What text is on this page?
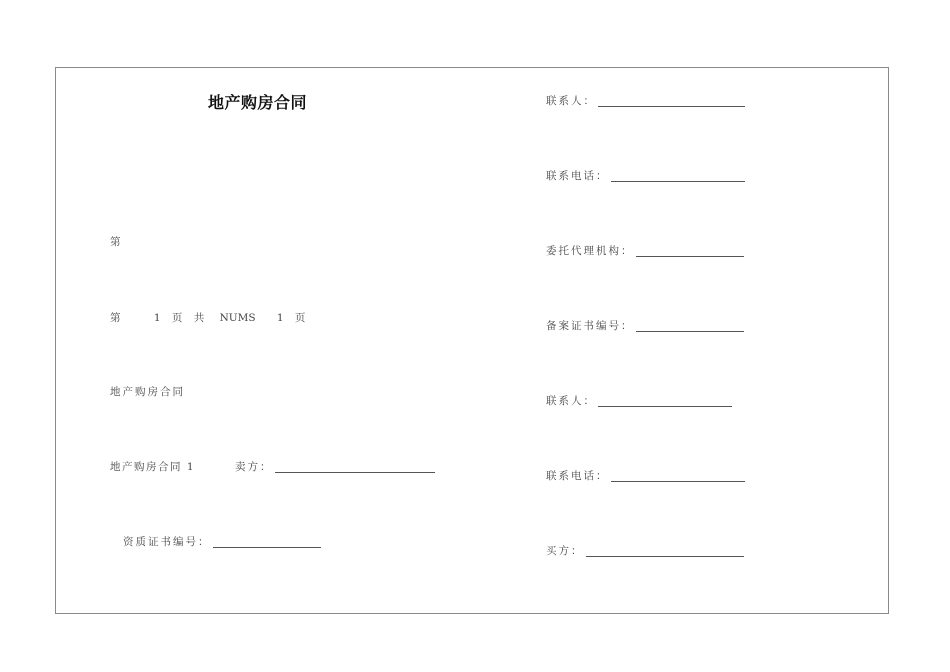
地产购房合同
第
第	1 页 共 NUMS 1 页
地产购房合同
地产购房合同 1	卖方：
资质证书编号：
联系人：
联系电话：
委托代理机构：
备案证书编号：
联系人：
联系电话：
买方：
